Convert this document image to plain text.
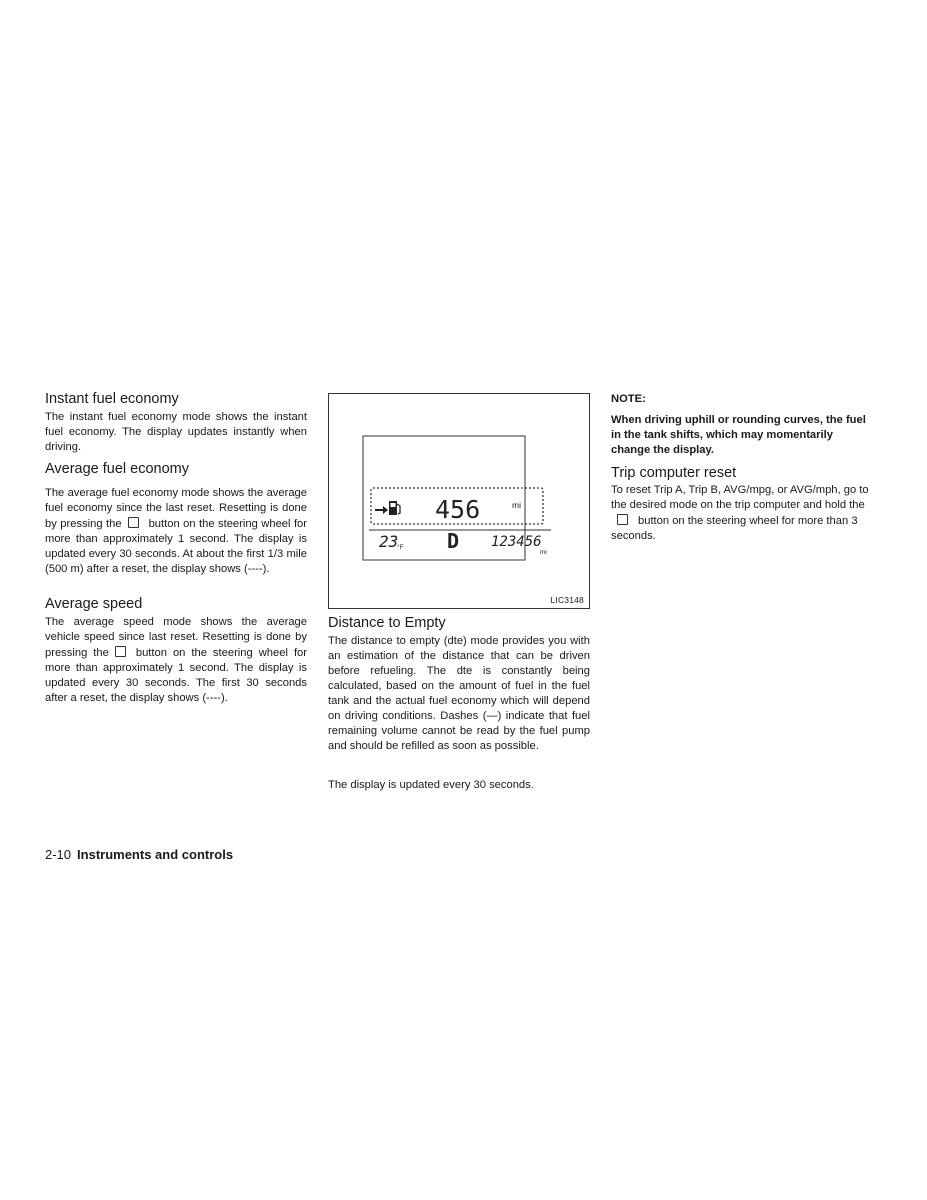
Instant fuel economy

The instant fuel economy mode shows the instant fuel economy. The display updates instantly when driving.

Average fuel economy

The average fuel economy mode shows the average fuel economy since the last reset. Resetting is done by pressing the button on the steering wheel for more than approximately 1 second. The display is updated every 30 seconds. At about the first 1/3 mile (500 m) after a reset, the display shows (----).

Average speed

The average speed mode shows the average vehicle speed since last reset. Resetting is done by pressing the button on the steering wheel for more than approximately 1 second. The display is updated every 30 seconds. The first 30 seconds after a reset, the display shows (----).

456	mi
23
°F D 123456
mi
LIC3148
Distance to Empty

The distance to empty (dte) mode provides you with an estimation of the distance that can be driven before refueling. The dte is constantly being calculated, based on the amount of fuel in the fuel tank and the actual fuel economy which will depend on driving conditions. Dashes (—) indicate that fuel remaining volume cannot be read by the fuel pump and should be refilled as soon as possible.

The display is updated every 30 seconds.

NOTE:

When driving uphill or rounding curves, the fuel in the tank shifts, which may momentarily change the display.

Trip computer reset

To reset Trip A, Trip B, AVG/mpg, or AVG/mph, go to the desired mode on the trip computer and hold thebutton on the steering wheel for more than 3 seconds.

2-10 Instruments and controls
